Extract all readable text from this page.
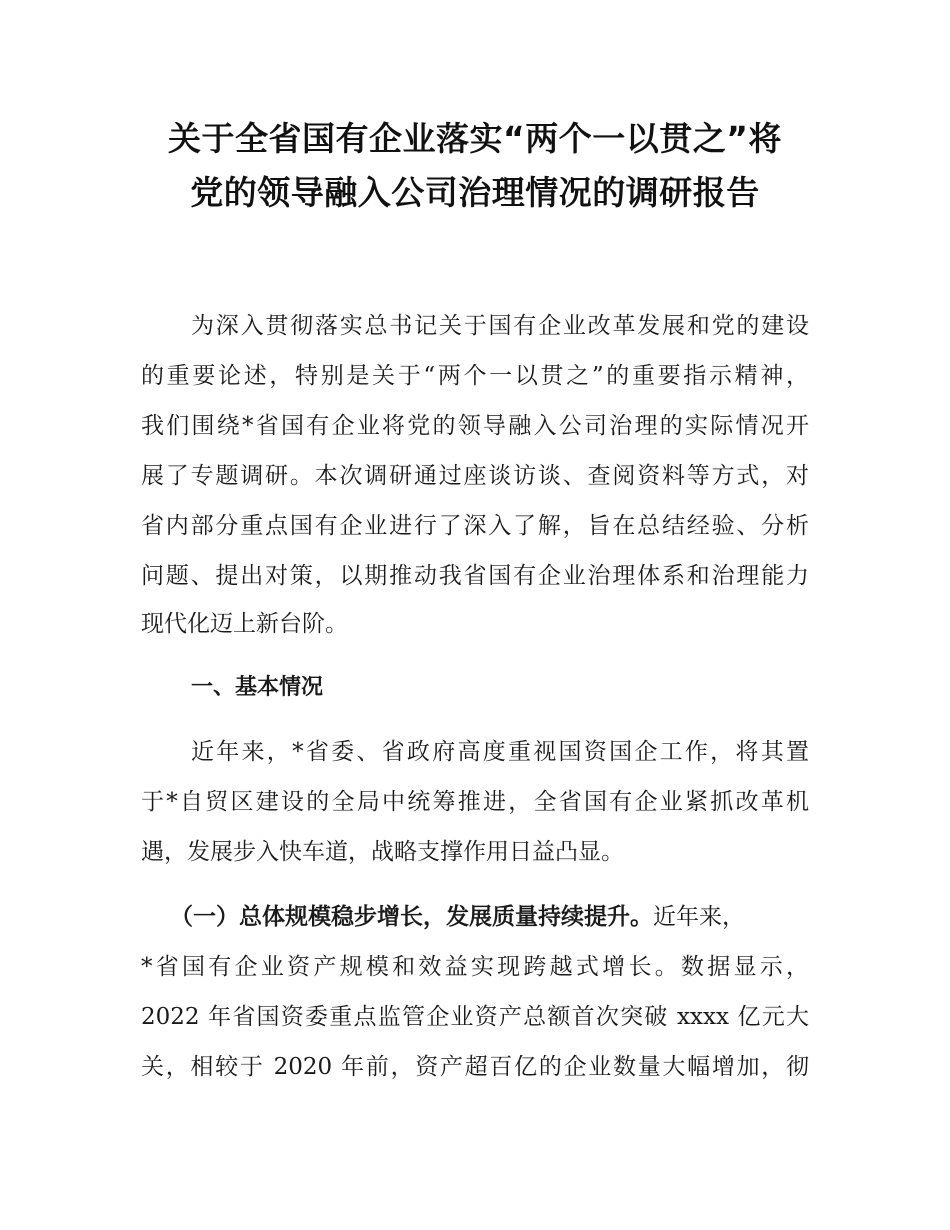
关于全省国有企业落实“两个一以贯之”将
党的领导融入公司治理情况的调研报告
为深入贯彻落实总书记关于国有企业改革发展和党的建设
的重要论述，特别是关于“两个一以贯之”的重要指示精神，
我们围绕*省国有企业将党的领导融入公司治理的实际情况开
展了专题调研。本次调研通过座谈访谈、查阅资料等方式，对
省内部分重点国有企业进行了深入了解，旨在总结经验、分析
问题、提出对策，以期推动我省国有企业治理体系和治理能力
现代化迈上新台阶。
一、基本情况
近年来，*省委、省政府高度重视国资国企工作，将其置
于*自贸区建设的全局中统筹推进，全省国有企业紧抓改革机
遇，发展步入快车道，战略支撑作用日益凸显。
（一）总体规模稳步增长，发展质量持续提升。近年来，
*省国有企业资产规模和效益实现跨越式增长。数据显示，
2022 年省国资委重点监管企业资产总额首次突破 xxxx 亿元大
关，相较于 2020 年前，资产超百亿的企业数量大幅增加，彻
